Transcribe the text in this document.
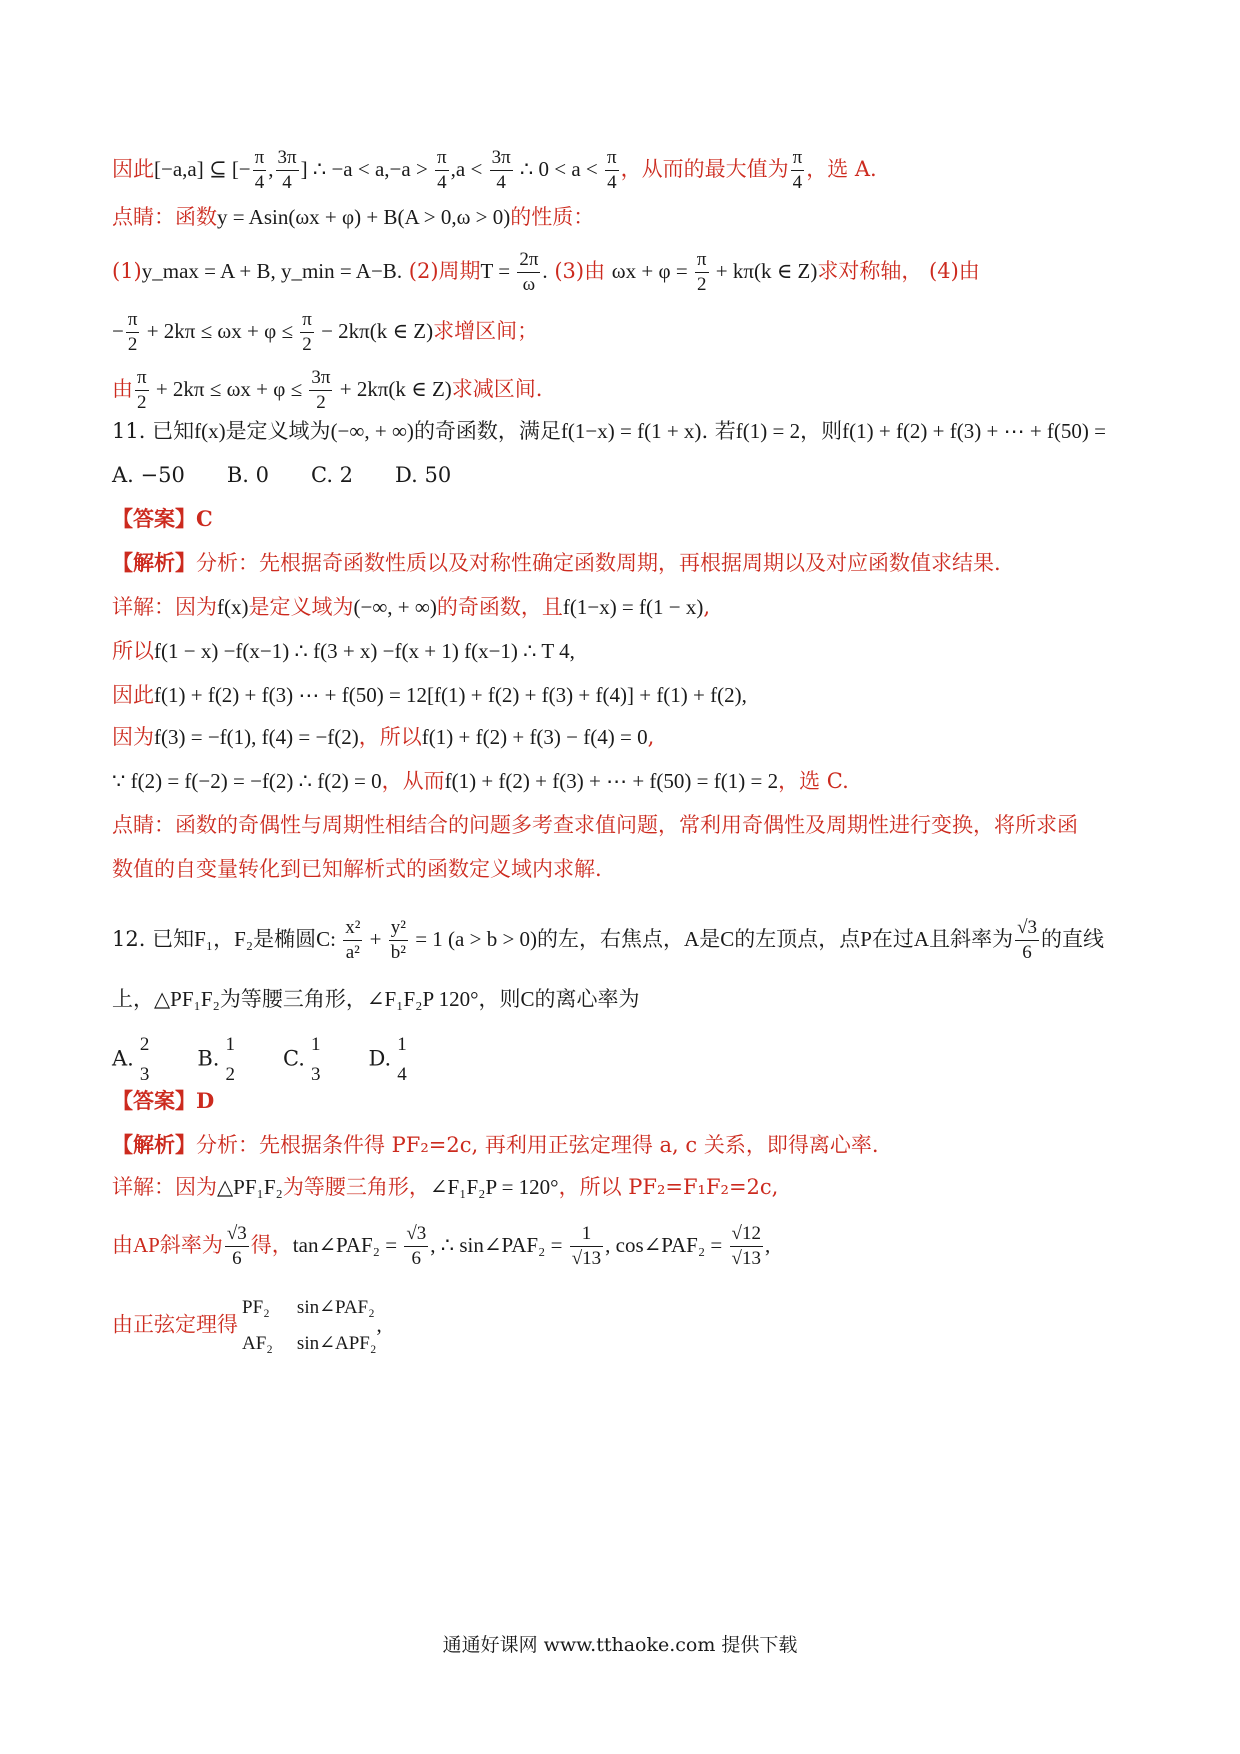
因此[−a,a] ⊆ [− $\frac{\pi}{4}$ , $\frac{3\pi}{4}$ ] ∴ $-a < a,-a > \frac{\pi}{4} ,a < \frac{3\pi}{4}$ ∴ $0 < a < \frac{\pi}{4}$ ，从而的最大值为 $\frac{\pi}{4}$ ，选 A.
点睛：函数y = Asin(ωx + φ) + B(A > 0,ω > 0)的性质：
(1)y_max = A + B, y_min = A−B. (2)周期$T = \frac{2\pi}{\omega}$ . (3)由 $\omega x + \varphi = \frac{\pi}{2} + k\pi(k$ ∈ Z)求对称轴， (4)由
− $\frac{\pi}{2} + 2k\pi \le \omega x + \varphi \le \frac{\pi}{2} - 2k\pi(k$ ∈ Z)求增区间；
由 $\frac{\pi}{2} + 2k\pi \le \omega x + \varphi \le \frac{3\pi}{2} + 2k\pi(k$ ∈ Z)求减区间.
11. 已知f(x)是定义域为(−∞, + ∞)的奇函数，满足f(1−x) = f(1 + x). 若f(1) = 2，则f(1) + f(2) + f(3) + ⋯ + f(50) =
A. −50 B. 0 C. 2 D. 50
【答案】C
【解析】分析：先根据奇函数性质以及对称性确定函数周期，再根据周期以及对应函数值求结果.
详解：因为f(x)是定义域为(−∞, + ∞)的奇函数，且f(1−x) = f(1 − x),
所以f(1 − x) −f(x−1) ∴ f(3 + x) −f(x + 1) f(x−1) ∴ T 4,
因此f(1) + f(2) + f(3) ⋯ + f(50) = 12[f(1) + f(2) + f(3) + f(4)] + f(1) + f(2),
因为f(3) = −f(1), f(4) = −f(2)，所以f(1) + f(2) + f(3) − f(4) = 0,
∵ f(2) = f(−2) = −f(2) ∴ f(2) = 0，从而f(1) + f(2) + f(3) + ⋯ + f(50) = f(1) = 2，选 C.
点睛：函数的奇偶性与周期性相结合的问题多考查求值问题，常利用奇偶性及周期性进行变换，将所求函
数值的自变量转化到已知解析式的函数定义域内求解.
12. 已知F₁，F₂是椭圆C: $\frac{\text{x²}}{\text{a²}} + \frac{\text{y²}}{\text{b²}} = 1$ (a > b > 0)的左，右焦点，A是C的左顶点，点P在过A且斜率为 $\frac{√3}{6}$ 的直线
上，△PF₁F₂为等腰三角形，∠F₁F₂P 120°，则C的离心率为
A.
2
3
B.
1
2
C.
1
3
D.
1
4
【答案】D
【解析】分析：先根据条件得 PF₂=2c, 再利用正弦定理得 a, c 关系，即得离心率.
详解：因为△PF₁F₂为等腰三角形，∠F₁F₂P = 120°，所以 PF₂=F₁F₂=2c,
由AP斜率为 $\frac{√3}{6}$ 得，tan∠PAF₂ = $\frac{√3}{6}$ , ∴ sin∠PAF₂ = $\frac{1}{√13}$ , cos∠PAF₂ = $\frac{√12}{√13}$ ,
由正弦定理得
PF₂
AF₂
sin∠PAF₂
sin∠APF₂
,
通通好课网 www.tthaoke.com 提供下载
